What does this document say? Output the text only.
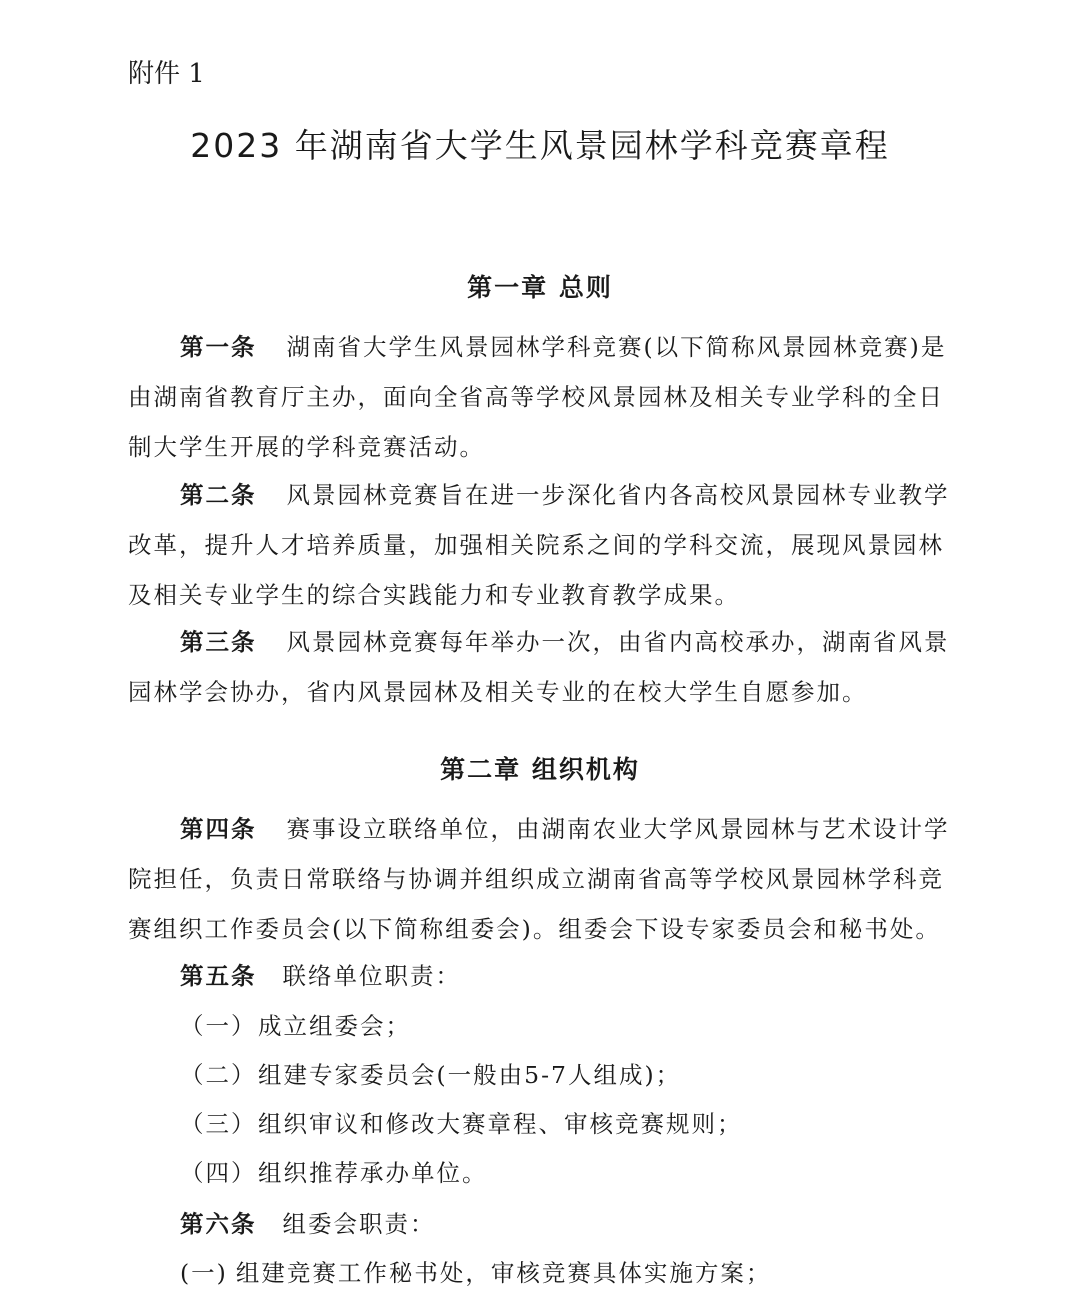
附件 1
2023 年湖南省大学生风景园林学科竞赛章程
第一章 总则

第一条 湖南省大学生风景园林学科竞赛(以下简称风景园林竞赛)是由湖南省教育厅主办，面向全省高等学校风景园林及相关专业学科的全日制大学生开展的学科竞赛活动。

第二条 风景园林竞赛旨在进一步深化省内各高校风景园林专业教学改革，提升人才培养质量，加强相关院系之间的学科交流，展现风景园林及相关专业学生的综合实践能力和专业教育教学成果。

第三条 风景园林竞赛每年举办一次，由省内高校承办，湖南省风景园林学会协办，省内风景园林及相关专业的在校大学生自愿参加。

第二章 组织机构

第四条 赛事设立联络单位，由湖南农业大学风景园林与艺术设计学院担任，负责日常联络与协调并组织成立湖南省高等学校风景园林学科竞赛组织工作委员会(以下简称组委会)。组委会下设专家委员会和秘书处。

第五条 联络单位职责：
（一）成立组委会；
（二）组建专家委员会(一般由5-7人组成)；
（三）组织审议和修改大赛章程、审核竞赛规则；
（四）组织推荐承办单位。
第六条 组委会职责：
(一) 组建竞赛工作秘书处，审核竞赛具体实施方案；
